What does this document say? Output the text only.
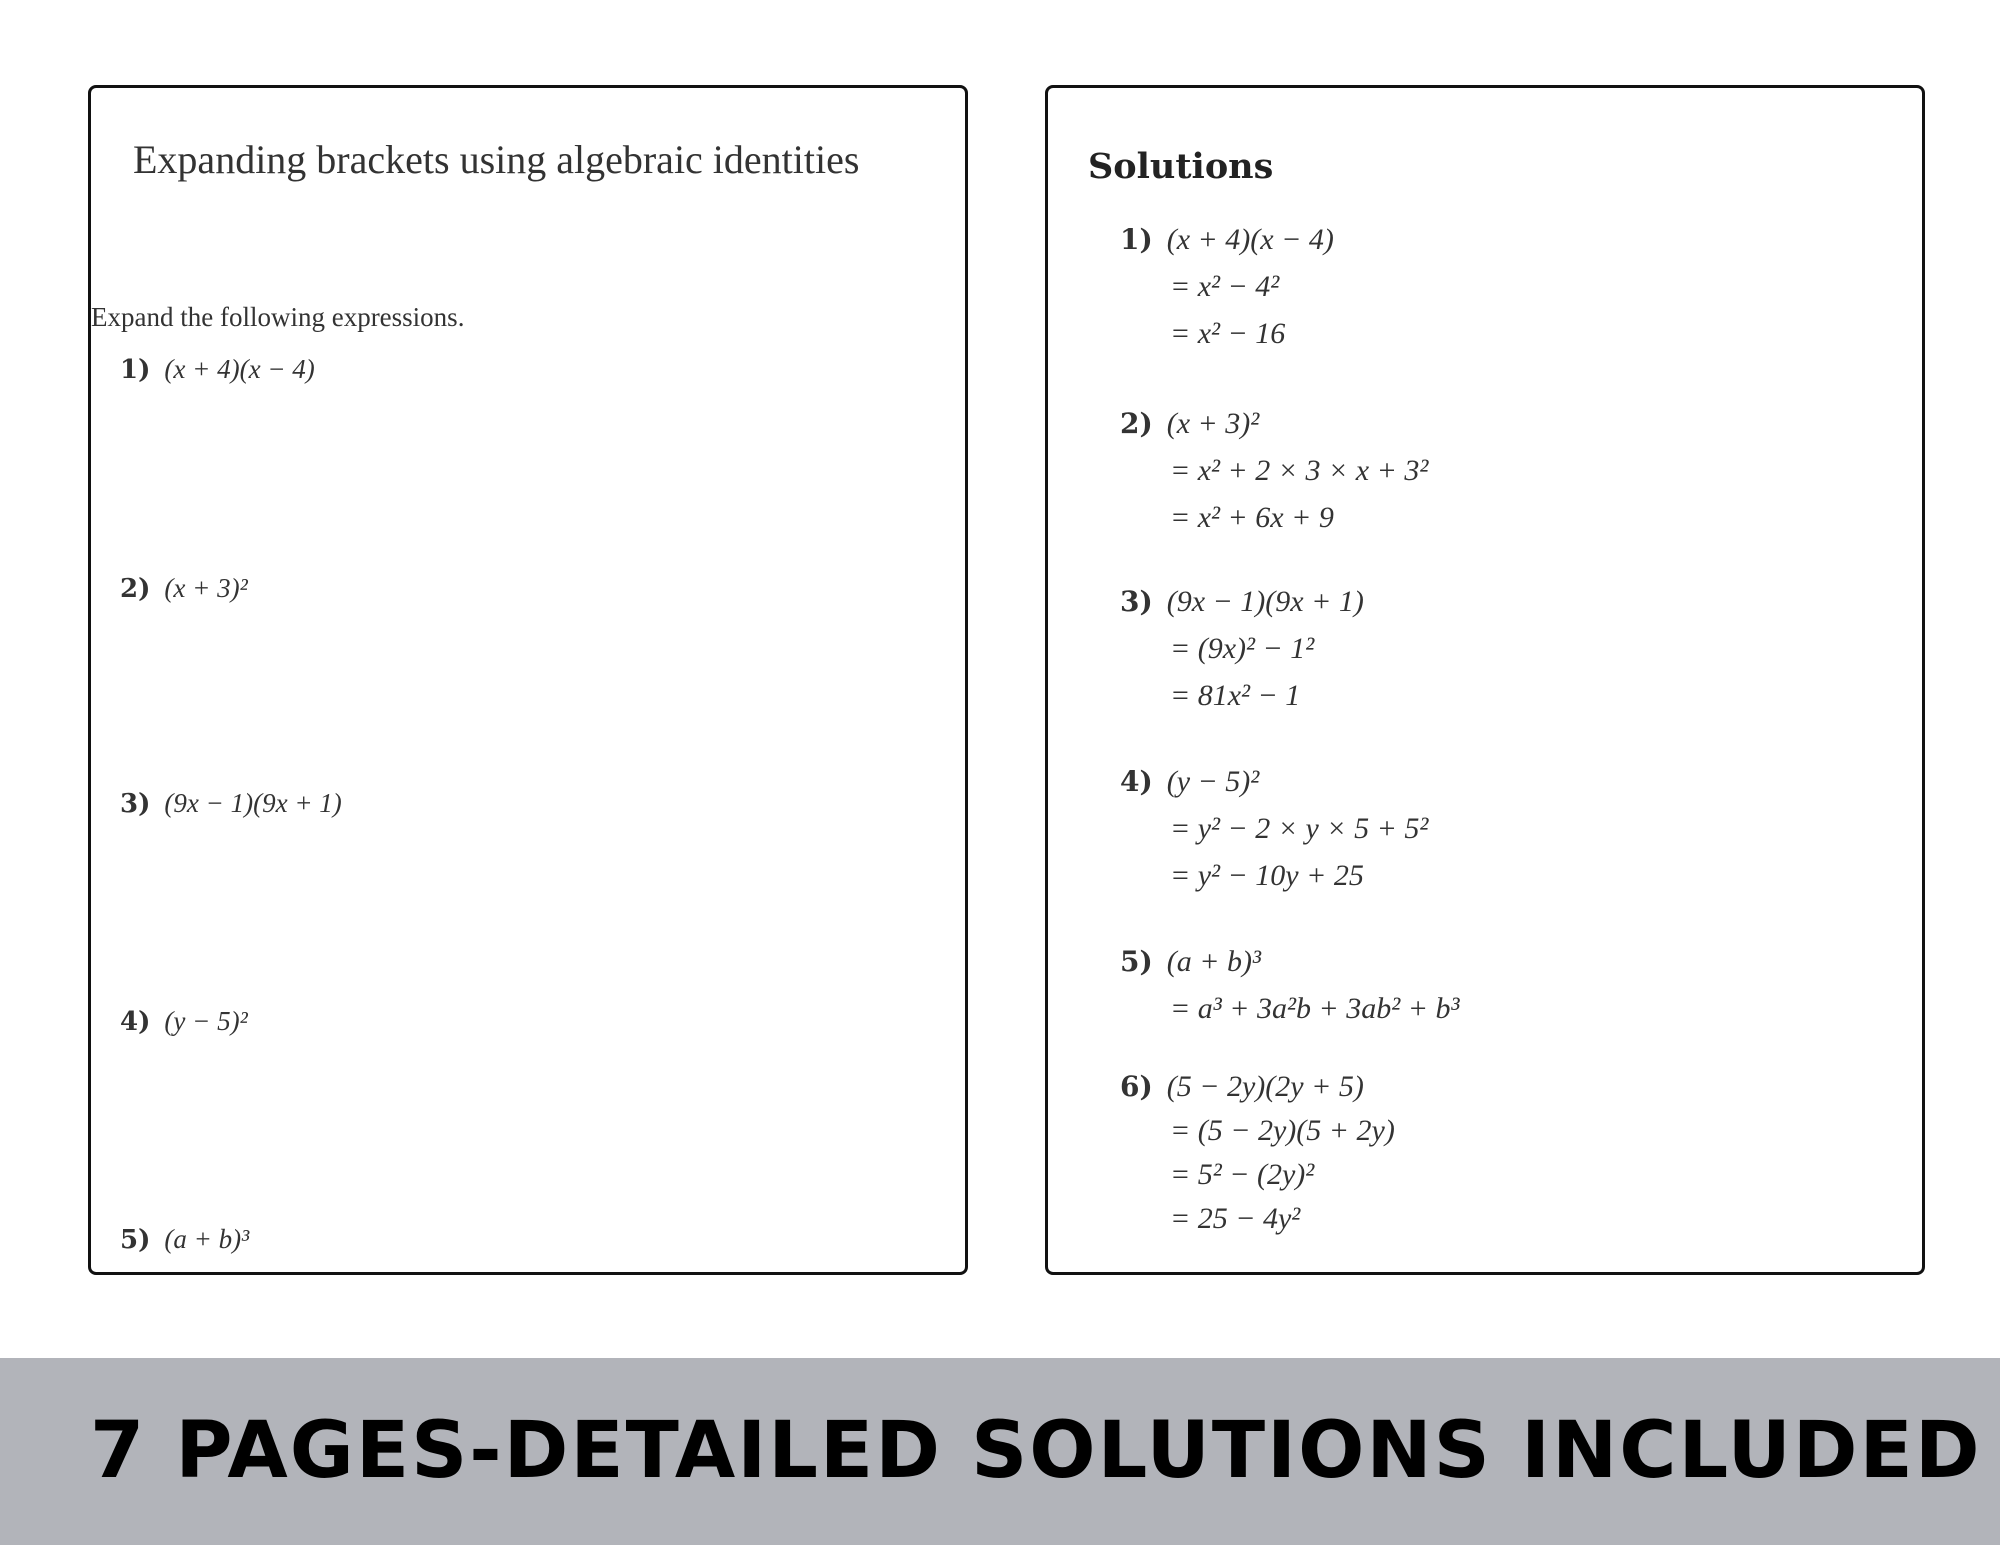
Expanding brackets using algebraic identities
Expand the following expressions.
1) (x + 4)(x − 4)
2) (x + 3)²
3) (9x − 1)(9x + 1)
4) (y − 5)²
5) (a + b)³
Solutions
1) (x + 4)(x − 4)
= x² − 4²
= x² − 16
2) (x + 3)²
= x² + 2 × 3 × x + 3²
= x² + 6x + 9
3) (9x − 1)(9x + 1)
= (9x)² − 1²
= 81x² − 1
4) (y − 5)²
= y² − 2 × y × 5 + 5²
= y² − 10y + 25
5) (a + b)³
= a³ + 3a²b + 3ab² + b³
6) (5 − 2y)(2y + 5)
= (5 − 2y)(5 + 2y)
= 5² − (2y)²
= 25 − 4y²
7 PAGES-DETAILED SOLUTIONS INCLUDED
